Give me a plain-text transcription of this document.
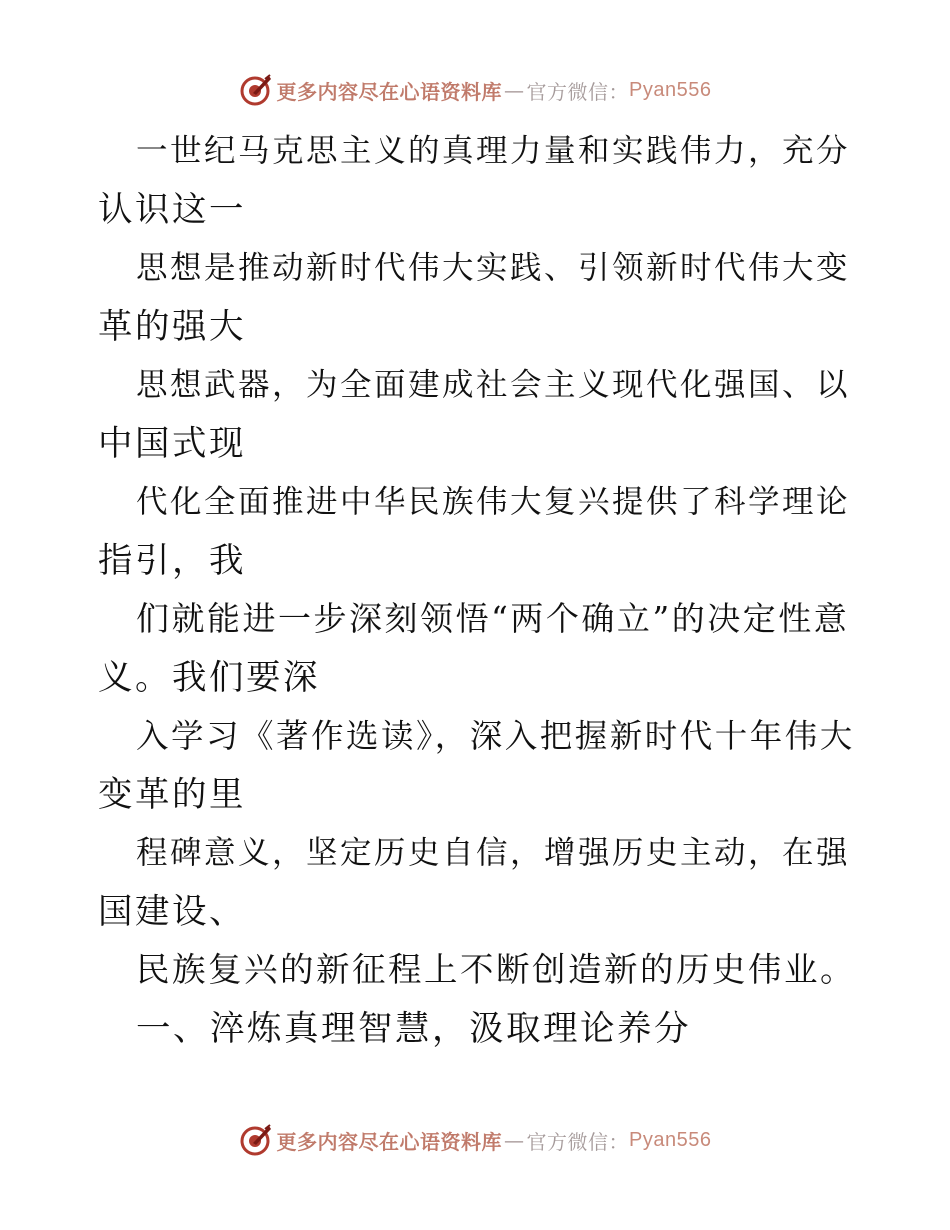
更多内容尽在心语资料库 — 官方微信： Pyan556
一世纪马克思主义的真理力量和实践伟力，充分
认识这一
思想是推动新时代伟大实践、引领新时代伟大变
革的强大
思想武器，为全面建成社会主义现代化强国、以
中国式现
代化全面推进中华民族伟大复兴提供了科学理论
指引，我
们就能进一步深刻领悟“两个确立”的决定性意
义。我们要深
入学习《著作选读》，深入把握新时代十年伟大
变革的里
程碑意义，坚定历史自信，增强历史主动，在强
国建设、
民族复兴的新征程上不断创造新的历史伟业。
一、淬炼真理智慧，汲取理论养分
更多内容尽在心语资料库 — 官方微信： Pyan556
